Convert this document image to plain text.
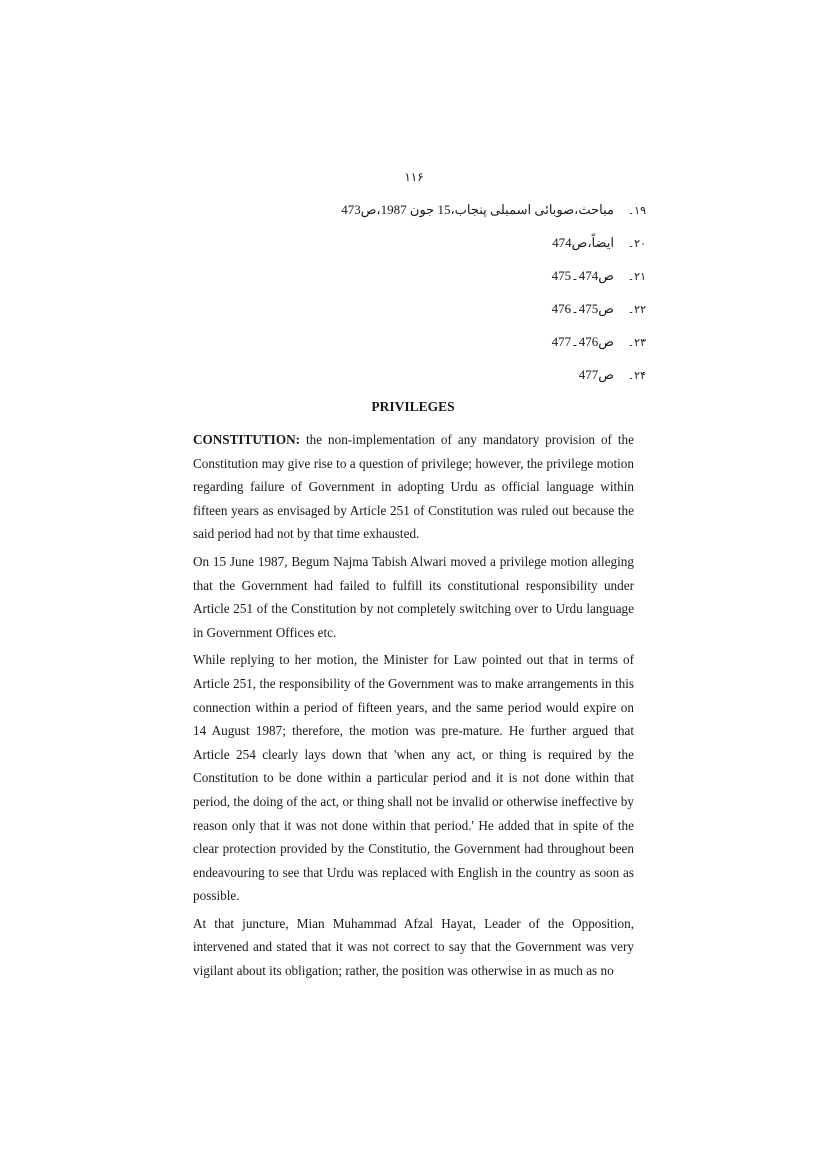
۱۱۶
۱۹۔
مباحث،صوبائی اسمبلی پنجاب،15 جون 1987،ص473
۲۰۔
ایضاً،ص474
۲۱۔
ص474۔475
۲۲۔
ص475۔476
۲۳۔
ص476۔477
۲۴۔
ص477
PRIVILEGES

CONSTITUTION: the non-implementation of any mandatory provision of the Constitution may give rise to a question of privilege; however, the privilege motion regarding failure of Government in adopting Urdu as official language within fifteen years as envisaged by Article 251 of Constitution was ruled out because the said period had not by that time exhausted.

On 15 June 1987, Begum Najma Tabish Alwari moved a privilege motion alleging that the Government had failed to fulfill its constitutional responsibility under Article 251 of the Constitution by not completely switching over to Urdu language in Government Offices etc.

While replying to her motion, the Minister for Law pointed out that in terms of Article 251, the responsibility of the Government was to make arrangements in this connection within a period of fifteen years, and the same period would expire on 14 August 1987; therefore, the motion was pre-mature. He further argued that Article 254 clearly lays down that 'when any act, or thing is required by the Constitution to be done within a particular period and it is not done within that period, the doing of the act, or thing shall not be invalid or otherwise ineffective by reason only that it was not done within that period.' He added that in spite of the clear protection provided by the Constitutio, the Government had throughout been endeavouring to see that Urdu was replaced with English in the country as soon as possible.

At that juncture, Mian Muhammad Afzal Hayat, Leader of the Opposition, intervened and stated that it was not correct to say that the Government was very vigilant about its obligation; rather, the position was otherwise in as much as no
